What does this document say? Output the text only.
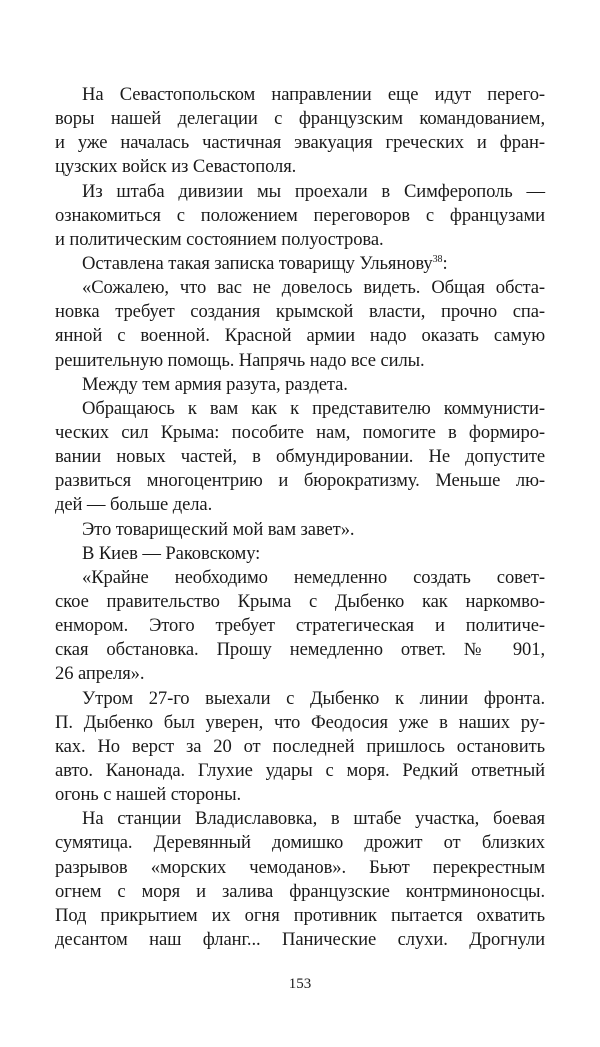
На Севастопольском направлении еще идут перего-
воры нашей делегации с французским командованием,
и уже началась частичная эвакуация греческих и фран-
цузских войск из Севастополя.
Из штаба дивизии мы проехали в Симферополь —
ознакомиться с положением переговоров с французами
и политическим состоянием полуострова.
Оставлена такая записка товарищу Ульянову$^{38}$:
«Сожалею, что вас не довелось видеть. Общая обста-
новка требует создания крымской власти, прочно спа-
янной с военной. Красной армии надо оказать самую
решительную помощь. Напрячь надо все силы.
Между тем армия разута, раздета.
Обращаюсь к вам как к представителю коммунисти-
ческих сил Крыма: пособите нам, помогите в формиро-
вании новых частей, в обмундировании. Не допустите
развиться многоцентрию и бюрократизму. Меньше лю-
дей — больше дела.
Это товарищеский мой вам завет».
В Киев — Раковскому:
«Крайне необходимо немедленно создать совет-
ское правительство Крыма с Дыбенко как наркомво-
енмором. Этого требует стратегическая и политиче-
ская обстановка. Прошу немедленно ответ. № 901,
26 апреля».
Утром 27-го выехали с Дыбенко к линии фронта.
П. Дыбенко был уверен, что Феодосия уже в наших ру-
ках. Но верст за 20 от последней пришлось остановить
авто. Канонада. Глухие удары с моря. Редкий ответный
огонь с нашей стороны.
На станции Владиславовка, в штабе участка, боевая
сумятица. Деревянный домишко дрожит от близких
разрывов «морских чемоданов». Бьют перекрестным
огнем с моря и залива французские контрминоносцы.
Под прикрытием их огня противник пытается охватить
десантом наш фланг... Панические слухи. Дрогнули
153
